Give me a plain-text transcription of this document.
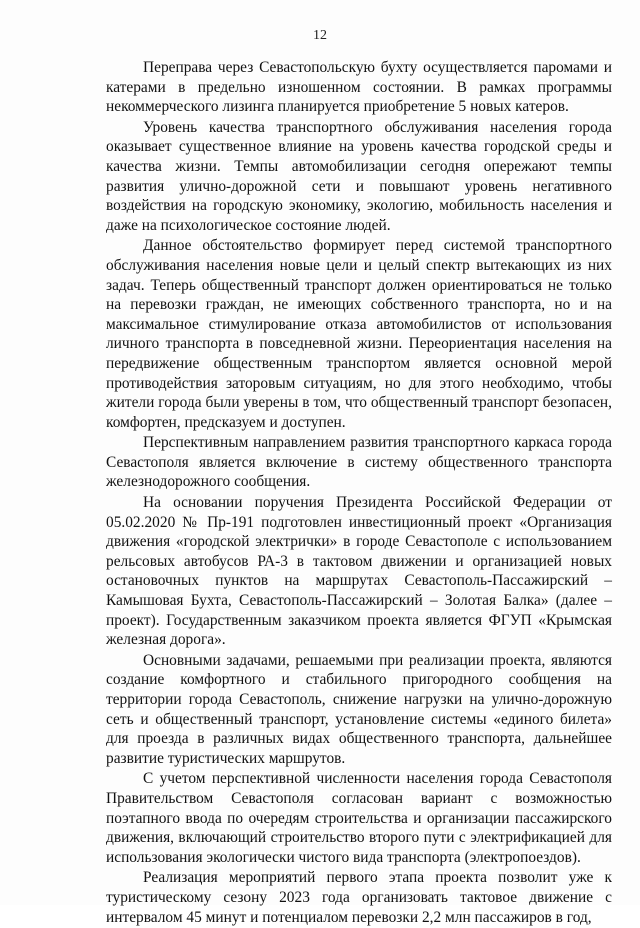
12

Переправа через Севастопольскую бухту осуществляется паромами и катерами в предельно изношенном состоянии. В рамках программы некоммерческого лизинга планируется приобретение 5 новых катеров.

Уровень качества транспортного обслуживания населения города оказывает существенное влияние на уровень качества городской среды и качества жизни. Темпы автомобилизации сегодня опережают темпы развития улично-дорожной сети и повышают уровень негативного воздействия на городскую экономику, экологию, мобильность населения и даже на психологическое состояние людей.

Данное обстоятельство формирует перед системой транспортного обслуживания населения новые цели и целый спектр вытекающих из них задач. Теперь общественный транспорт должен ориентироваться не только на перевозки граждан, не имеющих собственного транспорта, но и на максимальное стимулирование отказа автомобилистов от использования личного транспорта в повседневной жизни. Переориентация населения на передвижение общественным транспортом является основной мерой противодействия заторовым ситуациям, но для этого необходимо, чтобы жители города были уверены в том, что общественный транспорт безопасен, комфортен, предсказуем и доступен.

Перспективным направлением развития транспортного каркаса города Севастополя является включение в систему общественного транспорта железнодорожного сообщения.

На основании поручения Президента Российской Федерации от 05.02.2020 № Пр-191 подготовлен инвестиционный проект «Организация движения «городской электрички» в городе Севастополе с использованием рельсовых автобусов РА-3 в тактовом движении и организацией новых остановочных пунктов на маршрутах Севастополь-Пассажирский – Камышовая Бухта, Севастополь-Пассажирский – Золотая Балка» (далее – проект). Государственным заказчиком проекта является ФГУП «Крымская железная дорога».

Основными задачами, решаемыми при реализации проекта, являются создание комфортного и стабильного пригородного сообщения на территории города Севастополь, снижение нагрузки на улично-дорожную сеть и общественный транспорт, установление системы «единого билета» для проезда в различных видах общественного транспорта, дальнейшее развитие туристических маршрутов.

С учетом перспективной численности населения города Севастополя Правительством Севастополя согласован вариант с возможностью поэтапного ввода по очередям строительства и организации пассажирского движения, включающий строительство второго пути с электрификацией для использования экологически чистого вида транспорта (электропоездов).

Реализация мероприятий первого этапа проекта позволит уже к туристическому сезону 2023 года организовать тактовое движение с интервалом 45 минут и потенциалом перевозки 2,2 млн пассажиров в год,
